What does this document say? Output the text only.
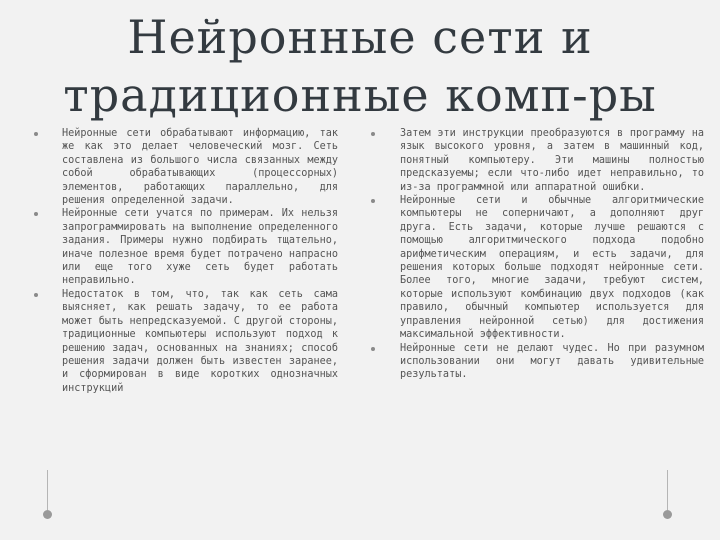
Нейронные сети и традиционные комп-ры
Нейронные сети обрабатывают информацию, так же как это делает человеческий мозг. Сеть составлена из большого числа связанных между собой обрабатывающих (процессорных) элементов, работающих параллельно, для решения определенной задачи.
Нейронные сети учатся по примерам. Их нельзя запрограммировать на выполнение определенного задания. Примеры нужно подбирать тщательно, иначе полезное время будет потрачено напрасно или еще того хуже сеть будет работать неправильно.
Недостаток в том, что, так как сеть сама выясняет, как решать задачу, то ее работа может быть непредсказуемой. С другой стороны, традиционные компьютеры используют подход к решению задач, основанных на знаниях; способ решения задачи должен быть известен заранее, и сформирован в виде коротких однозначных инструкций
Затем эти инструкции преобразуются в программу на язык высокого уровня, а затем в машинный код, понятный компьютеру. Эти машины полностью предсказуемы; если что-либо идет неправильно, то из-за программной или аппаратной ошибки.
Нейронные сети и обычные алгоритмические компьютеры не соперничают, а дополняют друг друга. Есть задачи, которые лучше решаются с помощью алгоритмического подхода подобно арифметическим операциям, и есть задачи, для решения которых больше подходят нейронные сети. Более того, многие задачи, требуют систем, которые используют комбинацию двух подходов (как правило, обычный компьютер используется для управления нейронной сетью) для достижения максимальной эффективности.
Нейронные сети не делают чудес. Но при разумном использовании они могут давать удивительные результаты.
